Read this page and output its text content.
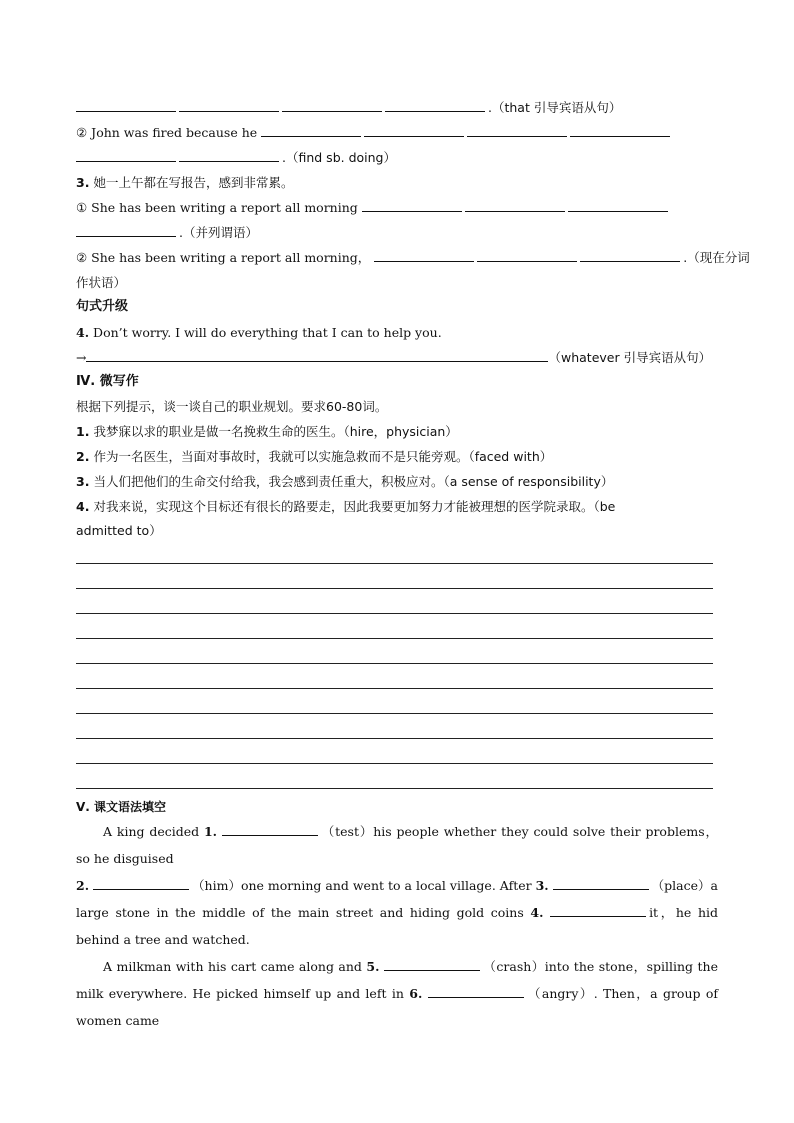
.（that 引导宾语从句）
② John was fired because he
.（find sb. doing）
3. 她一上午都在写报告，感到非常累。
① She has been writing a report all morning
.（并列谓语）
② She has been writing a report all morning，	.（现在分词
作状语）
句式升级
4. Don’t worry. I will do everything that I can to help you.
→	（whatever 引导宾语从句）
Ⅳ. 微写作
根据下列提示，谈一谈自己的职业规划。要求60-80词。
1. 我梦寐以求的职业是做一名挽救生命的医生。（hire，physician）
2. 作为一名医生，当面对事故时，我就可以实施急救而不是只能旁观。（faced with）
3. 当人们把他们的生命交付给我，我会感到责任重大，积极应对。（a sense of responsibility）
4. 对我来说，实现这个目标还有很长的路要走，因此我要更加努力才能被理想的医学院录取。（be
admitted to）
Ⅴ. 课文语法填空
A king decided 1.	（test）his people whether they could solve their problems， so he disguised
2.	（him）one morning and went to a local village. After 3.	（place）a large stone in the middle of the main street and hiding gold coins 4.	it，he hid behind a tree and watched.
A milkman with his cart came along and 5.	（crash）into the stone，spilling the milk everywhere. He picked himself up and left in 6.	（angry）. Then，a group of women came
